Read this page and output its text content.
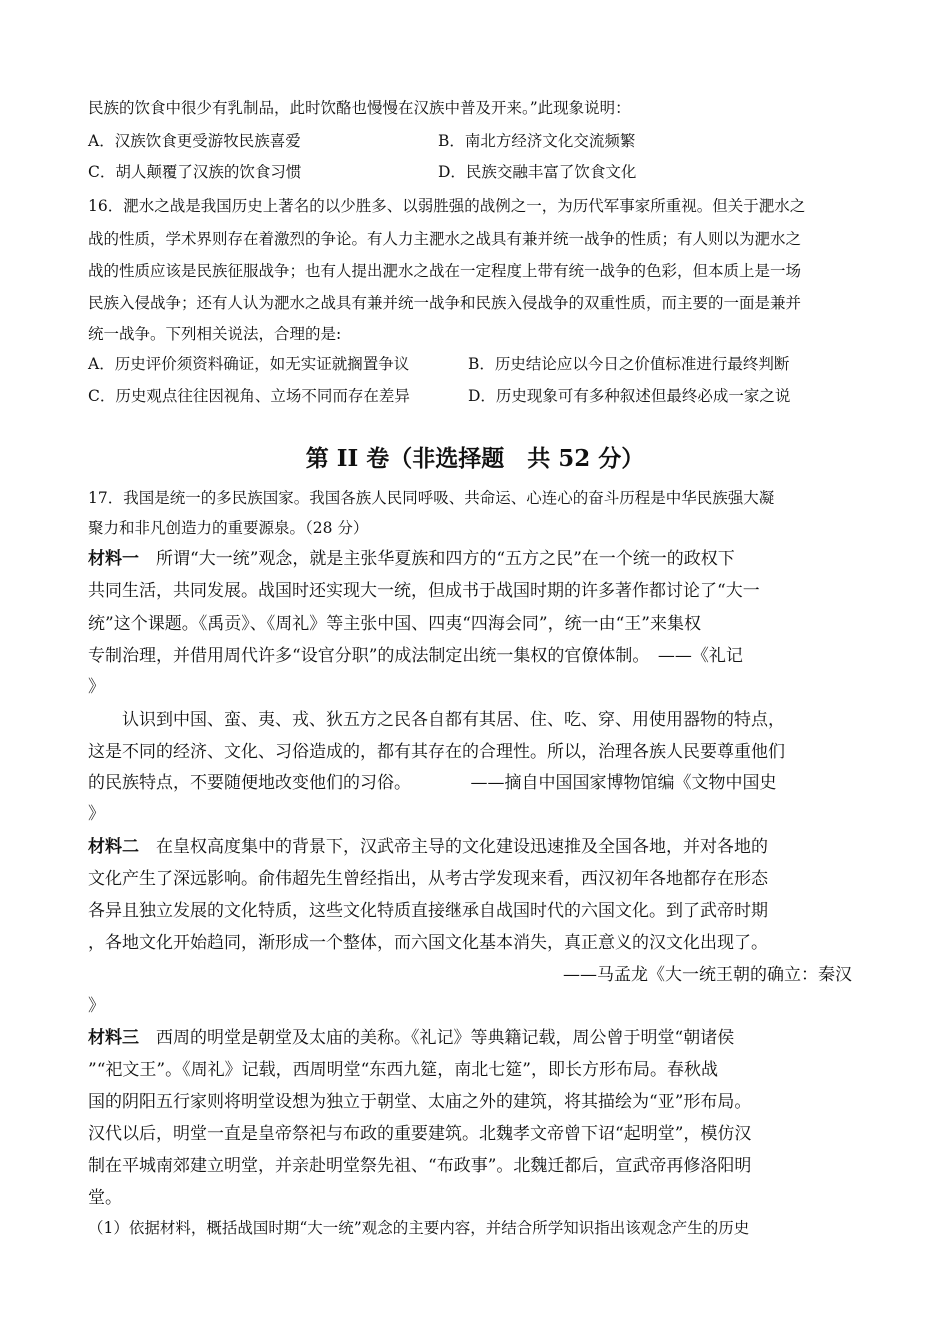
民族的饮食中很少有乳制品，此时饮酪也慢慢在汉族中普及开来。”此现象说明：
A．汉族饮食更受游牧民族喜爱	B．南北方经济文化交流频繁
C．胡人颠覆了汉族的饮食习惯	D．民族交融丰富了饮食文化
16．淝水之战是我国历史上著名的以少胜多、以弱胜强的战例之一，为历代军事家所重视。但关于淝水之
战的性质，学术界则存在着激烈的争论。有人力主淝水之战具有兼并统一战争的性质；有人则以为淝水之
战的性质应该是民族征服战争；也有人提出淝水之战在一定程度上带有统一战争的色彩，但本质上是一场
民族入侵战争；还有人认为淝水之战具有兼并统一战争和民族入侵战争的双重性质，而主要的一面是兼并
统一战争。下列相关说法，合理的是:
A．历史评价须资料确证，如无实证就搁置争议	B．历史结论应以今日之价值标准进行最终判断
C．历史观点往往因视角、立场不同而存在差异	D．历史现象可有多种叙述但最终必成一家之说
第 II 卷（非选择题　共 52 分）
17．我国是统一的多民族国家。我国各族人民同呼吸、共命运、心连心的奋斗历程是中华民族强大凝
聚力和非凡创造力的重要源泉。（28 分）
材料一　所谓“大一统”观念，就是主张华夏族和四方的“五方之民”在一个统一的政权下
共同生活，共同发展。战国时还实现大一统，但成书于战国时期的许多著作都讨论了“大一
统”这个课题。《禹贡》、《周礼》等主张中国、四夷“四海会同”，统一由“王”来集权
专制治理，并借用周代许多“设官分职”的成法制定出统一集权的官僚体制。　——《礼记
》
　　认识到中国、蛮、夷、戎、狄五方之民各自都有其居、住、吃、穿、用使用器物的特点，
这是不同的经济、文化、习俗造成的，都有其存在的合理性。所以，治理各族人民要尊重他们
的民族特点，不要随便地改变他们的习俗。　　　　——摘自中国国家博物馆编《文物中国史
》
材料二　在皇权高度集中的背景下，汉武帝主导的文化建设迅速推及全国各地，并对各地的
文化产生了深远影响。俞伟超先生曾经指出，从考古学发现来看，西汉初年各地都存在形态
各异且独立发展的文化特质，这些文化特质直接继承自战国时代的六国文化。到了武帝时期
，各地文化开始趋同，渐形成一个整体，而六国文化基本消失，真正意义的汉文化出现了。
——马孟龙《大一统王朝的确立：秦汉
》
材料三　西周的明堂是朝堂及太庙的美称。《礼记》等典籍记载，周公曾于明堂“朝诸侯
”“祀文王”。《周礼》记载，西周明堂“东西九筵，南北七筵”，即长方形布局。春秋战
国的阴阳五行家则将明堂设想为独立于朝堂、太庙之外的建筑，将其描绘为“亚”形布局。
汉代以后，明堂一直是皇帝祭祀与布政的重要建筑。北魏孝文帝曾下诏“起明堂”，模仿汉
制在平城南郊建立明堂，并亲赴明堂祭先祖、“布政事”。北魏迁都后，宣武帝再修洛阳明
堂。
（1）依据材料，概括战国时期“大一统”观念的主要内容，并结合所学知识指出该观念产生的历史
